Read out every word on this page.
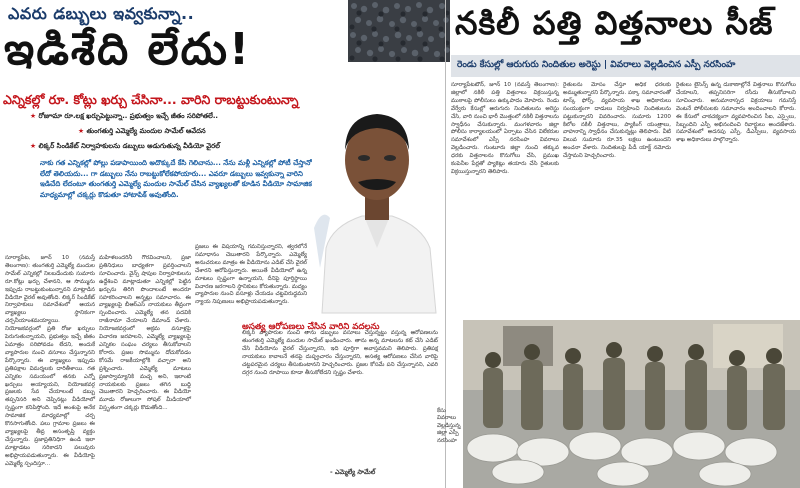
ఎవరు డబ్బులు ఇవ్వకున్నా..
ఇడిశేది లేదు!
ఎన్నికల్లో రూ. కోట్లు ఖర్చు చేసినా... వారిని రాబట్టుకుంటున్నా
★ రోజూమా రూ.లక్ష ఖర్చుపెట్టున్నా.. ప్రభుత్వం ఇచ్చే జీతం సరిపోతలే..
★ తుంగతుర్తి ఎమ్మెల్యే మందుల సామేల్ ఆవేదన
★ లిక్కర్ సిండికేట్ నిర్వాహకులను డబ్బులు అడుగుతున్న వీడియో వైరల్
నాకు గత ఎన్నికల్లో పోల్లు పడాపాయింది అదొక్కుదే కేసి గెలిచాను... నేను మళ్లీ ఎన్నికల్లో పోటీ చేస్తానో లేదో తెలియదు... గా డబ్బులు నేను రాబట్టుకోలేకపోయారు... ఎవరూ డబ్బులు ఇవ్వకున్నా వారిని ఇడిచేది లేదంటూ తుంగతుర్తి ఎమ్మెల్యే మందుల సామేల్ చేసిన వ్యాఖ్యలతో కూడిన వీడియో సామాజిక మాధ్యమాల్లో చక్కర్లు కొడుతూ హాటాపిక్ అవుతోంది.
అసత్య ఆరోపణలు చేసిన వారిని వదలను
సూర్యాపేట, జూన్ 10 (నమస్తే తెలంగాణ): తుంగతుర్తి ఎమ్మెల్యే మందుల సామేల్ ఎన్నికల్లో నిలబడేందుకు సుమారు రూ.కోట్లు ఖర్చు చేశానని, ఆ సొమ్మును ఇప్పుడు రాబట్టుకుంటున్నానని మాట్లాడిన వీడియో వైరల్ అవుతోంది. లిక్కర్ సిండికేట్ నిర్వాహకులు సమావేశంలో ఆయన వ్యాఖ్యలు స్థానికంగా చర్చనీయాంశమయ్యాయి. నియోజకవర్గంలో ప్రతి రోజు ఖర్చులు పెరుగుతున్నాయని, ప్రభుత్వం ఇచ్చే జీతం ఏమాత్రం సరిపోవడం లేదని, అందుకే వ్యాపారుల నుంచి వసూలు చేస్తున్నానని పేర్కొన్నారు. ఈ వ్యాఖ్యలు ఇప్పుడు ప్రతిపక్షాల విమర్శలకు దారితీశాయి. గత ఎన్నికల సమయంలో తనకు ఎన్నో ఖర్చులు అయ్యాయని, నియోజకవర్గ ప్రజలకు సేవ చేయాలంటే డబ్బు తప్పనిసరి అని చెప్పినట్లు వీడియోలో స్పష్టంగా కనిపిస్తోంది. ఇదే అంశంపై అనేక సామాజిక మాధ్యమాల్లో చర్చ కొనసాగుతోంది. పలు గ్రామాల ప్రజలు ఈ వ్యాఖ్యలపై తీవ్ర అసంతృప్తి వ్యక్తం చేస్తున్నారు. ప్రజాప్రతినిధిగా ఉండి ఇలా మాట్లాడటం సరికాదని పలువురు అభిప్రాయపడుతున్నారు. ఈ వీడియోపై ఎమ్మెల్యే స్పందిస్తూ...
మహిళలందరినీ గౌరవించాలని, ప్రజా ప్రతినిధులు బాధ్యతగా ప్రవర్తించాలని సూచించారు. వైన్స్ షాపుల నిర్వాహకులను ఉద్దేశించి మాట్లాడుతూ ఎన్నికల్లో పెట్టిన ఖర్చును తిరిగి పొందాలంటే అందరూ సహకరించాలని అన్నట్లు సమాచారం. ఈ వ్యాఖ్యలపై బీఆర్ఎస్ నాయకులు తీవ్రంగా స్పందించారు. ఎమ్మెల్యే తన పదవికి రాజీనామా చేయాలని డిమాండ్ చేశారు. నియోజకవర్గంలో అక్రమ వసూళ్లపై విచారణ జరపాలని, ఎమ్మెల్యే వ్యాఖ్యలపై ఎన్నికల సంఘం చర్యలు తీసుకోవాలని కోరారు. ప్రజల సొమ్మును దోచుకోవడం కోసమే రాజకీయాల్లోకి వచ్చారా అని ప్రశ్నించారు. ఎమ్మెల్యే మాటలు ప్రజాస్వామ్యానికి మచ్చ అని, ఇలాంటి నాయకులకు ప్రజలు తగిన బుద్ధి చెబుతారని హెచ్చరించారు. ఈ వీడియో మూడు రోజులుగా సోషల్ మీడియాలో విస్తృతంగా చక్కర్లు కొడుతోంది...
ప్రజలు ఈ విషయాన్ని గమనిస్తున్నారని, త్వరలోనే సమాధానం చెబుతారని పేర్కొన్నారు. ఎమ్మెల్యే అనుచరులు మాత్రం ఈ వీడియోను ఎడిట్ చేసి వైరల్ చేశారని ఆరోపిస్తున్నారు. అయితే వీడియోలో ఉన్న మాటలు స్పష్టంగా ఉన్నాయని, దీనిపై పూర్తిస్థాయి విచారణ జరగాలని స్థానికులు కోరుతున్నారు. మద్యం వ్యాపారుల నుంచి వసూళ్లు చేయడం చట్టవిరుద్ధమని న్యాయ నిపుణులు అభిప్రాయపడుతున్నారు.
లిక్కర్ వ్యాపారుల నుంచి తాను డబ్బులు వసూలు చేస్తున్నట్టు వస్తున్న ఆరోపణలను తుంగతుర్తి ఎమ్మెల్యే మందుల సామేల్ ఖండించారు. తాను అన్న మాటలను కట్ చేసి ఎడిట్ చేసి వీడియోను వైరల్ చేస్తున్నారని, ఇది పూర్తిగా అవాస్తవమని తెలిపారు. ప్రతిపక్ష నాయకులు కావాలనే తనపై దుష్ప్రచారం చేస్తున్నారని, అసత్య ఆరోపణలు చేసిన వారిపై చట్టపరమైన చర్యలు తీసుకుంటానని హెచ్చరించారు. ప్రజల కోసమే పని చేస్తున్నానని, ఎవరి దగ్గర నుంచి రూపాయి కూడా తీసుకోలేదని స్పష్టం చేశారు.
- ఎమ్మెల్యే సామేల్
నకిలీ పత్తి విత్తనాలు సీజ్
రెండు కేసుల్లో ఆరుగురు నిందితుల అరెస్టు | వివరాలు వెల్లడించిన ఎస్పీ నరసింహ
సూర్యాపేటటౌన్, జూన్ 10 (నమస్తే తెలంగాణ): జిల్లాలో నకిలీ పత్తి విత్తనాలు విక్రయిస్తున్న ముఠాలపై పోలీసులు ఉక్కుపాదం మోపారు. రెండు వేర్వేరు కేసుల్లో ఆరుగురు నిందితులను అరెస్టు చేసి, వారి నుంచి భారీ మొత్తంలో నకిలీ విత్తనాలను స్వాధీనం చేసుకున్నారు. మంగళవారం జిల్లా పోలీసు కార్యాలయంలో ఏర్పాటు చేసిన విలేకరుల సమావేశంలో ఎస్పీ నరసింహ వివరాలు వెల్లడించారు. గుంటూరు జిల్లా నుంచి తక్కువ ధరకు విత్తనాలను కొనుగోలు చేసి, ప్రముఖ కంపెనీల పేర్లతో ప్యాకెట్లు తయారు చేసి రైతులకు విక్రయిస్తున్నారని తెలిపారు.
రైతులను మోసం చేస్తూ అధిక ధరలకు అమ్ముతున్నారని పేర్కొన్నారు. పక్కా సమాచారంతో టాస్క్ ఫోర్స్, వ్యవసాయ శాఖ అధికారులు సంయుక్తంగా దాడులు నిర్వహించి నిందితులను పట్టుకున్నారని వివరించారు. సుమారు 1200 కిలోల నకిలీ విత్తనాలు, ప్యాకింగ్ యంత్రాలు, వాహనాన్ని స్వాధీనం చేసుకున్నట్లు తెలిపారు. వీటి విలువ సుమారు రూ.35 లక్షలు ఉంటుందని అంచనా వేశారు. నిందితులపై పీడీ యాక్ట్ నమోదు చేస్తామని హెచ్చరించారు.
రైతులు లైసెన్స్ ఉన్న దుకాణాల్లోనే విత్తనాలు కొనుగోలు చేయాలని, తప్పనిసరిగా రసీదు తీసుకోవాలని సూచించారు. అనుమానాస్పద విక్రయాలు గమనిస్తే వెంటనే పోలీసులకు సమాచారం అందించాలని కోరారు. ఈ కేసులో చాకచక్యంగా వ్యవహరించిన సీఐ, ఎస్సైలు, సిబ్బందిని ఎస్పీ అభినందించి రివార్డులు అందజేశారు. సమావేశంలో అదనపు ఎస్పీ, డీఎస్పీలు, వ్యవసాయ శాఖ అధికారులు పాల్గొన్నారు.
కేసు వివరాలు వెల్లడిస్తున్న జిల్లా ఎస్పీ నరసింహ
